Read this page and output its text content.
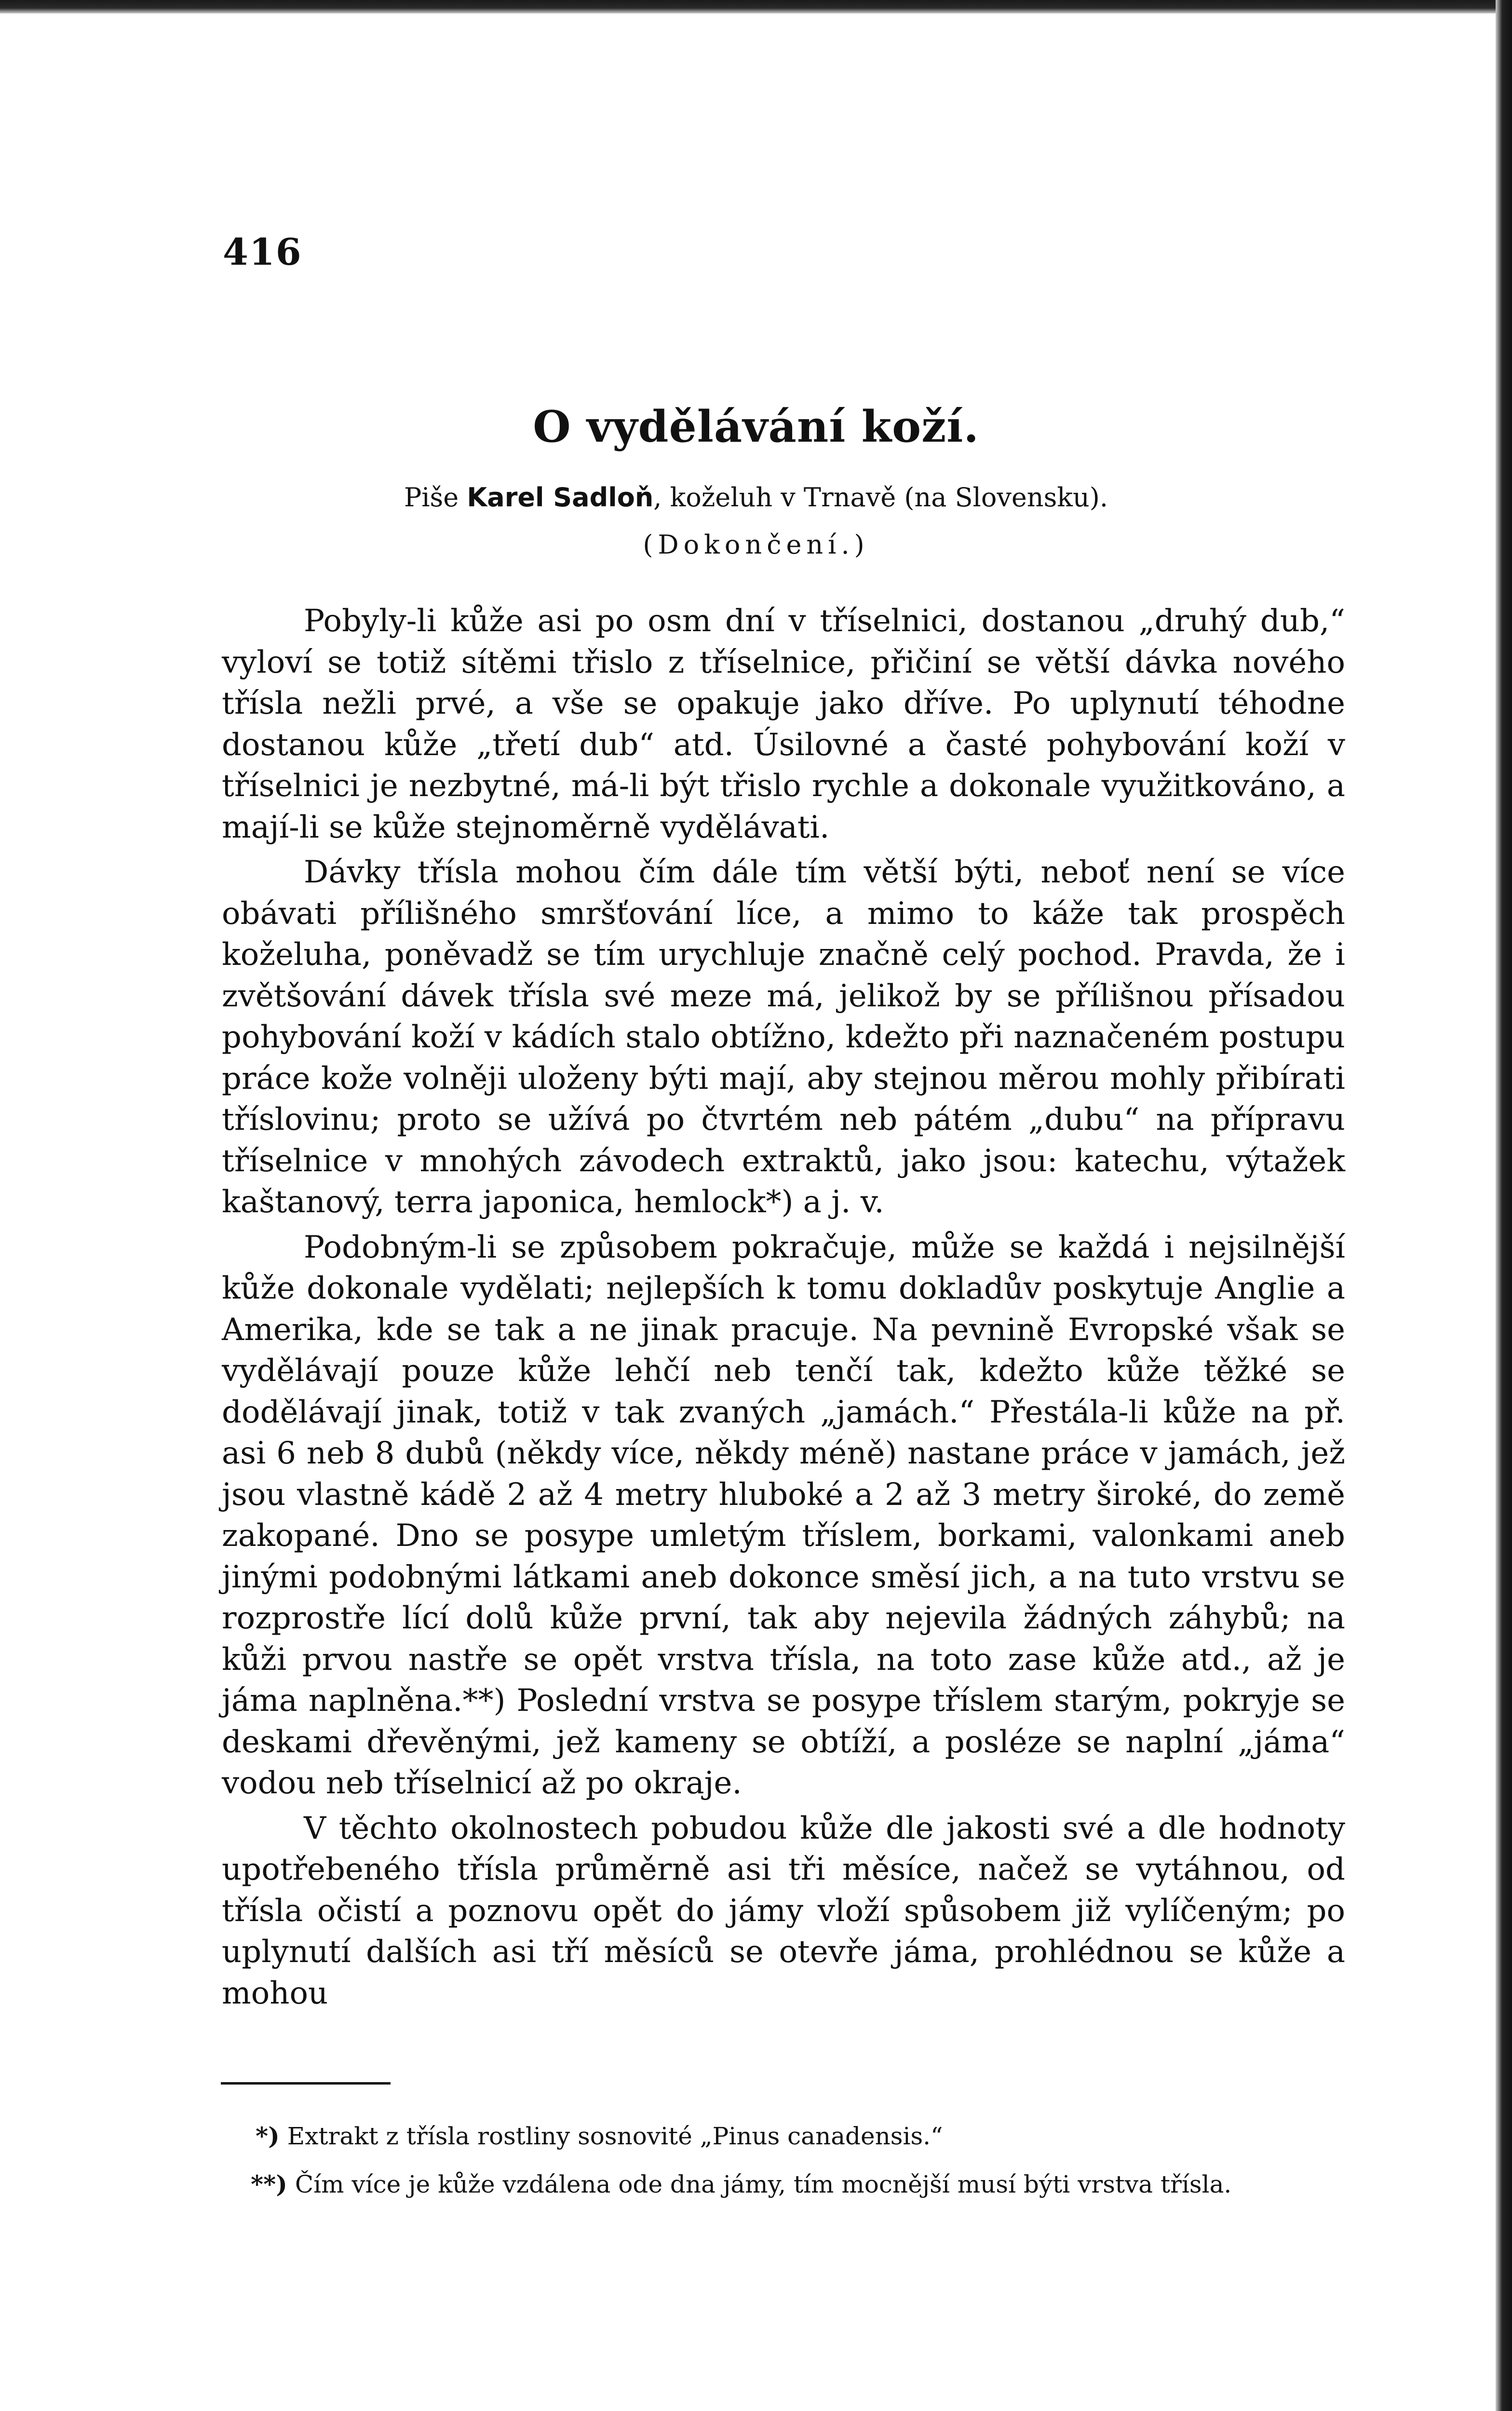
416
O vydělávání koží.
Piše Karel Sadloň, koželuh v Trnavě (na Slovensku).
(Dokončení.)

Pobyly-li kůže asi po osm dní v tříselnici, dostanou „druhý dub,“ vyloví se totiž sítěmi třislo z tříselnice, přičiní se větší dávka nového třísla nežli prvé, a vše se opakuje jako dříve. Po uplynutí téhodne dostanou kůže „třetí dub“ atd. Úsilovné a časté pohybování koží v tříselnici je nezbytné, má-li být třislo rychle a dokonale využitkováno, a mají-li se kůže stejnoměrně vydělávati.

Dávky třísla mohou čím dále tím větší býti, neboť není se více obávati přílišného smršťování líce, a mimo to káže tak prospěch koželuha, poněvadž se tím urychluje značně celý pochod. Pravda, že i zvětšování dávek třísla své meze má, jelikož by se přílišnou přísadou pohybování koží v kádích stalo obtížno, kdežto při naznačeném postupu práce kože volněji uloženy býti mají, aby stejnou měrou mohly přibírati tříslovinu; proto se užívá po čtvrtém neb pátém „dubu“ na přípravu tříselnice v mnohých závodech extraktů, jako jsou: katechu, výtažek kaštanový, terra japonica, hemlock*) a j. v.

Podobným-li se způsobem pokračuje, může se každá i nejsilnější kůže dokonale vydělati; nejlepších k tomu dokladův poskytuje Anglie a Amerika, kde se tak a ne jinak pracuje. Na pevnině Evropské však se vydělávají pouze kůže lehčí neb tenčí tak, kdežto kůže těžké se dodělávají jinak, totiž v tak zvaných „jamách.“ Přestála-li kůže na př. asi 6 neb 8 dubů (někdy více, někdy méně) nastane práce v jamách, jež jsou vlastně kádě 2 až 4 metry hluboké a 2 až 3 metry široké, do země zakopané. Dno se posype umletým tříslem, borkami, valonkami aneb jinými podobnými látkami aneb dokonce směsí jich, a na tuto vrstvu se rozprostře lící dolů kůže první, tak aby nejevila žádných záhybů; na kůži prvou nastře se opět vrstva třísla, na toto zase kůže atd., až je jáma naplněna.**) Poslední vrstva se posype tříslem starým, pokryje se deskami dřevěnými, jež kameny se obtíží, a posléze se naplní „jáma“ vodou neb tříselnicí až po okraje.

V těchto okolnostech pobudou kůže dle jakosti své a dle hodnoty upotřebeného třísla průměrně asi tři měsíce, načež se vytáhnou, od třísla očistí a poznovu opět do jámy vloží spůsobem již vylíčeným; po uplynutí dalších asi tří měsíců se otevře jáma, prohlédnou se kůže a mohou

*) Extrakt z třísla rostliny sosnovité „Pinus canadensis.“
**) Čím více je kůže vzdálena ode dna jámy, tím mocnější musí býti vrstva třísla.
